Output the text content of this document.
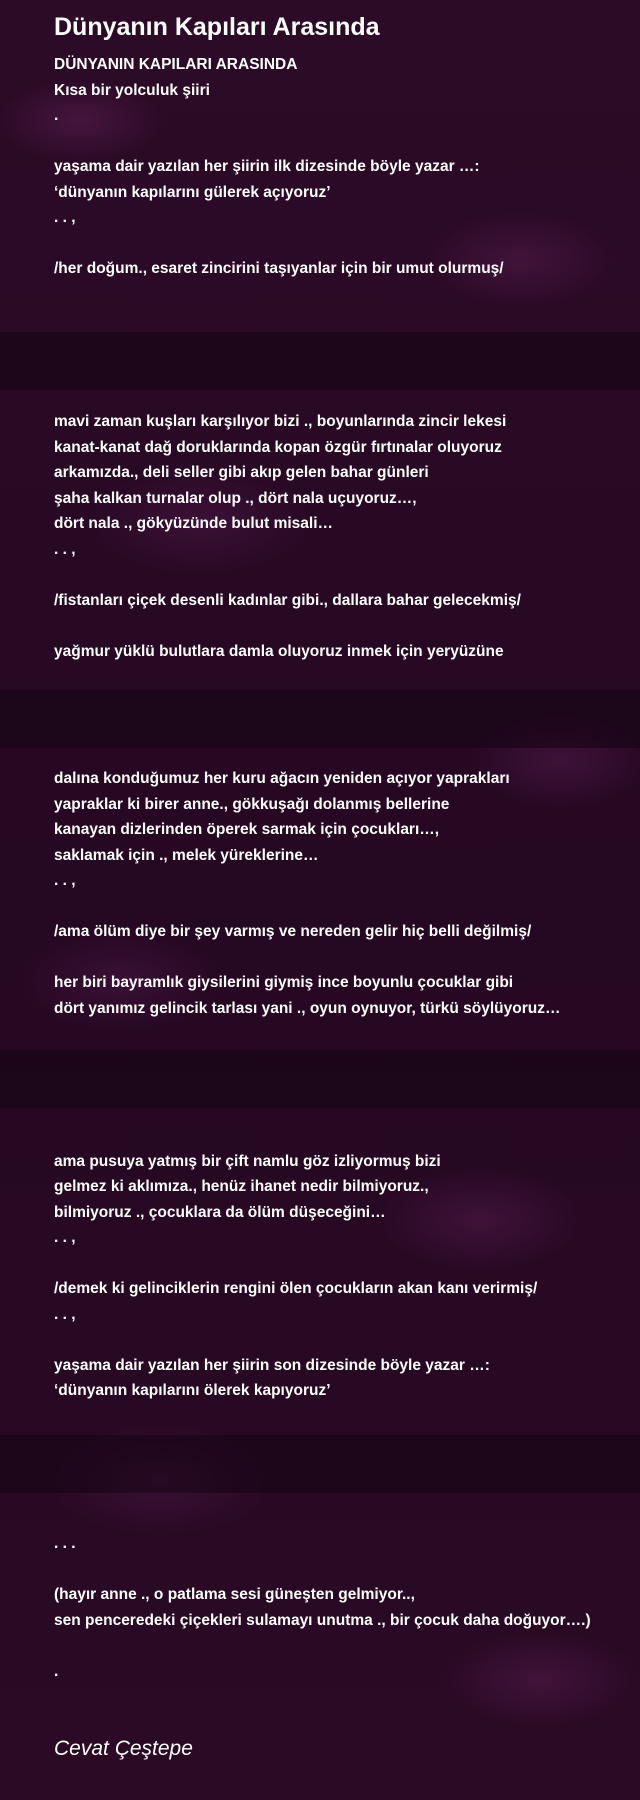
Dünyanın Kapıları Arasında
DÜNYANIN KAPILARI ARASINDA
Kısa bir yolculuk şiiri
.
yaşama dair yazılan her şiirin ilk dizesinde böyle yazar …:
‘dünyanın kapılarını gülerek açıyoruz’
. . ,
/her doğum., esaret zincirini taşıyanlar için bir umut olurmuş/
mavi zaman kuşları karşılıyor bizi ., boyunlarında zincir lekesi
kanat-kanat dağ doruklarında kopan özgür fırtınalar oluyoruz
arkamızda., deli seller gibi akıp gelen bahar günleri
şaha kalkan turnalar olup ., dört nala uçuyoruz…,
dört nala ., gökyüzünde bulut misali…
. . ,
/fistanları çiçek desenli kadınlar gibi., dallara bahar gelecekmiş/
yağmur yüklü bulutlara damla oluyoruz inmek için yeryüzüne
dalına konduğumuz her kuru ağacın yeniden açıyor yaprakları
yapraklar ki birer anne., gökkuşağı dolanmış bellerine
kanayan dizlerinden öperek sarmak için çocukları…,
saklamak için ., melek yüreklerine…
. . ,
/ama ölüm diye bir şey varmış ve nereden gelir hiç belli değilmiş/
her biri bayramlık giysilerini giymiş ince boyunlu çocuklar gibi
dört yanımız gelincik tarlası yani ., oyun oynuyor, türkü söylüyoruz…
ama pusuya yatmış bir çift namlu göz izliyormuş bizi
gelmez ki aklımıza., henüz ihanet nedir bilmiyoruz.,
bilmiyoruz ., çocuklara da ölüm düşeceğini…
. . ,
/demek ki gelinciklerin rengini ölen çocukların akan kanı verirmiş/
. . ,
yaşama dair yazılan her şiirin son dizesinde böyle yazar …:
‘dünyanın kapılarını ölerek kapıyoruz’
. . .
(hayır anne ., o patlama sesi güneşten gelmiyor..,
sen penceredeki çiçekleri sulamayı unutma ., bir çocuk daha doğuyor….)
.
Cevat Çeştepe
